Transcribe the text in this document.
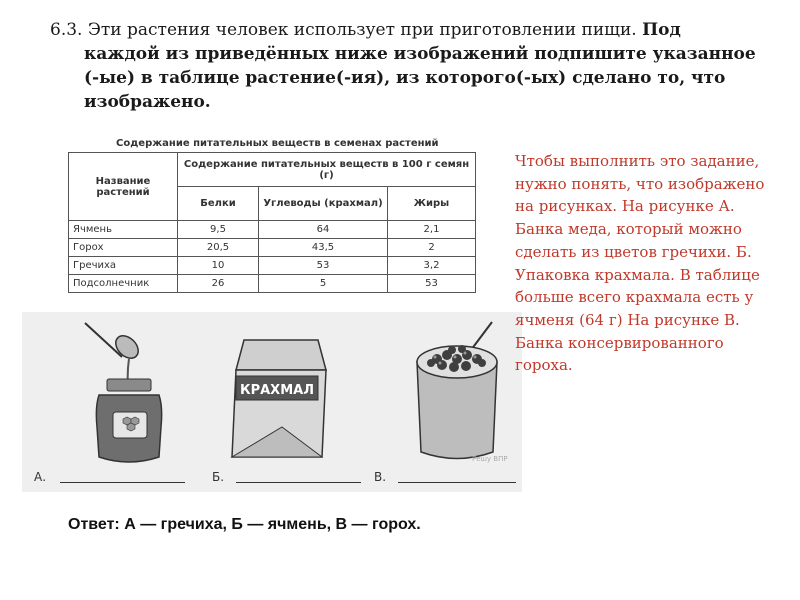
6.3. Эти растения человек использует при приготовлении пищи. Под
каждой из приведённых ниже изображений подпишите указанное
(-ые) в таблице растение(-ия), из которого(-ых) сделано то, что
изображено.
Содержание питательных веществ в семенах растений
Название растений	Содержание питательных веществ в 100 г семян (г)		
	Белки	Углеводы (крахмал)	Жиры
Ячмень	9,5	64	2,1
Горох	20,5	43,5	2
Гречиха	10	53	3,2
Подсолнечник	26	5	53
КРАХМАЛ
А.	Б.	В.
Решу ВПР
Чтобы выполнить это задание, нужно понять, что изображено на рисунках. На рисунке А. Банка меда, который можно сделать из цветов гречихи. Б. Упаковка крахмала. В таблице больше всего крахмала есть у ячменя (64 г) На рисунке В. Банка консервированного гороха.
Ответ: А — гречиха, Б — ячмень, В — горох.
